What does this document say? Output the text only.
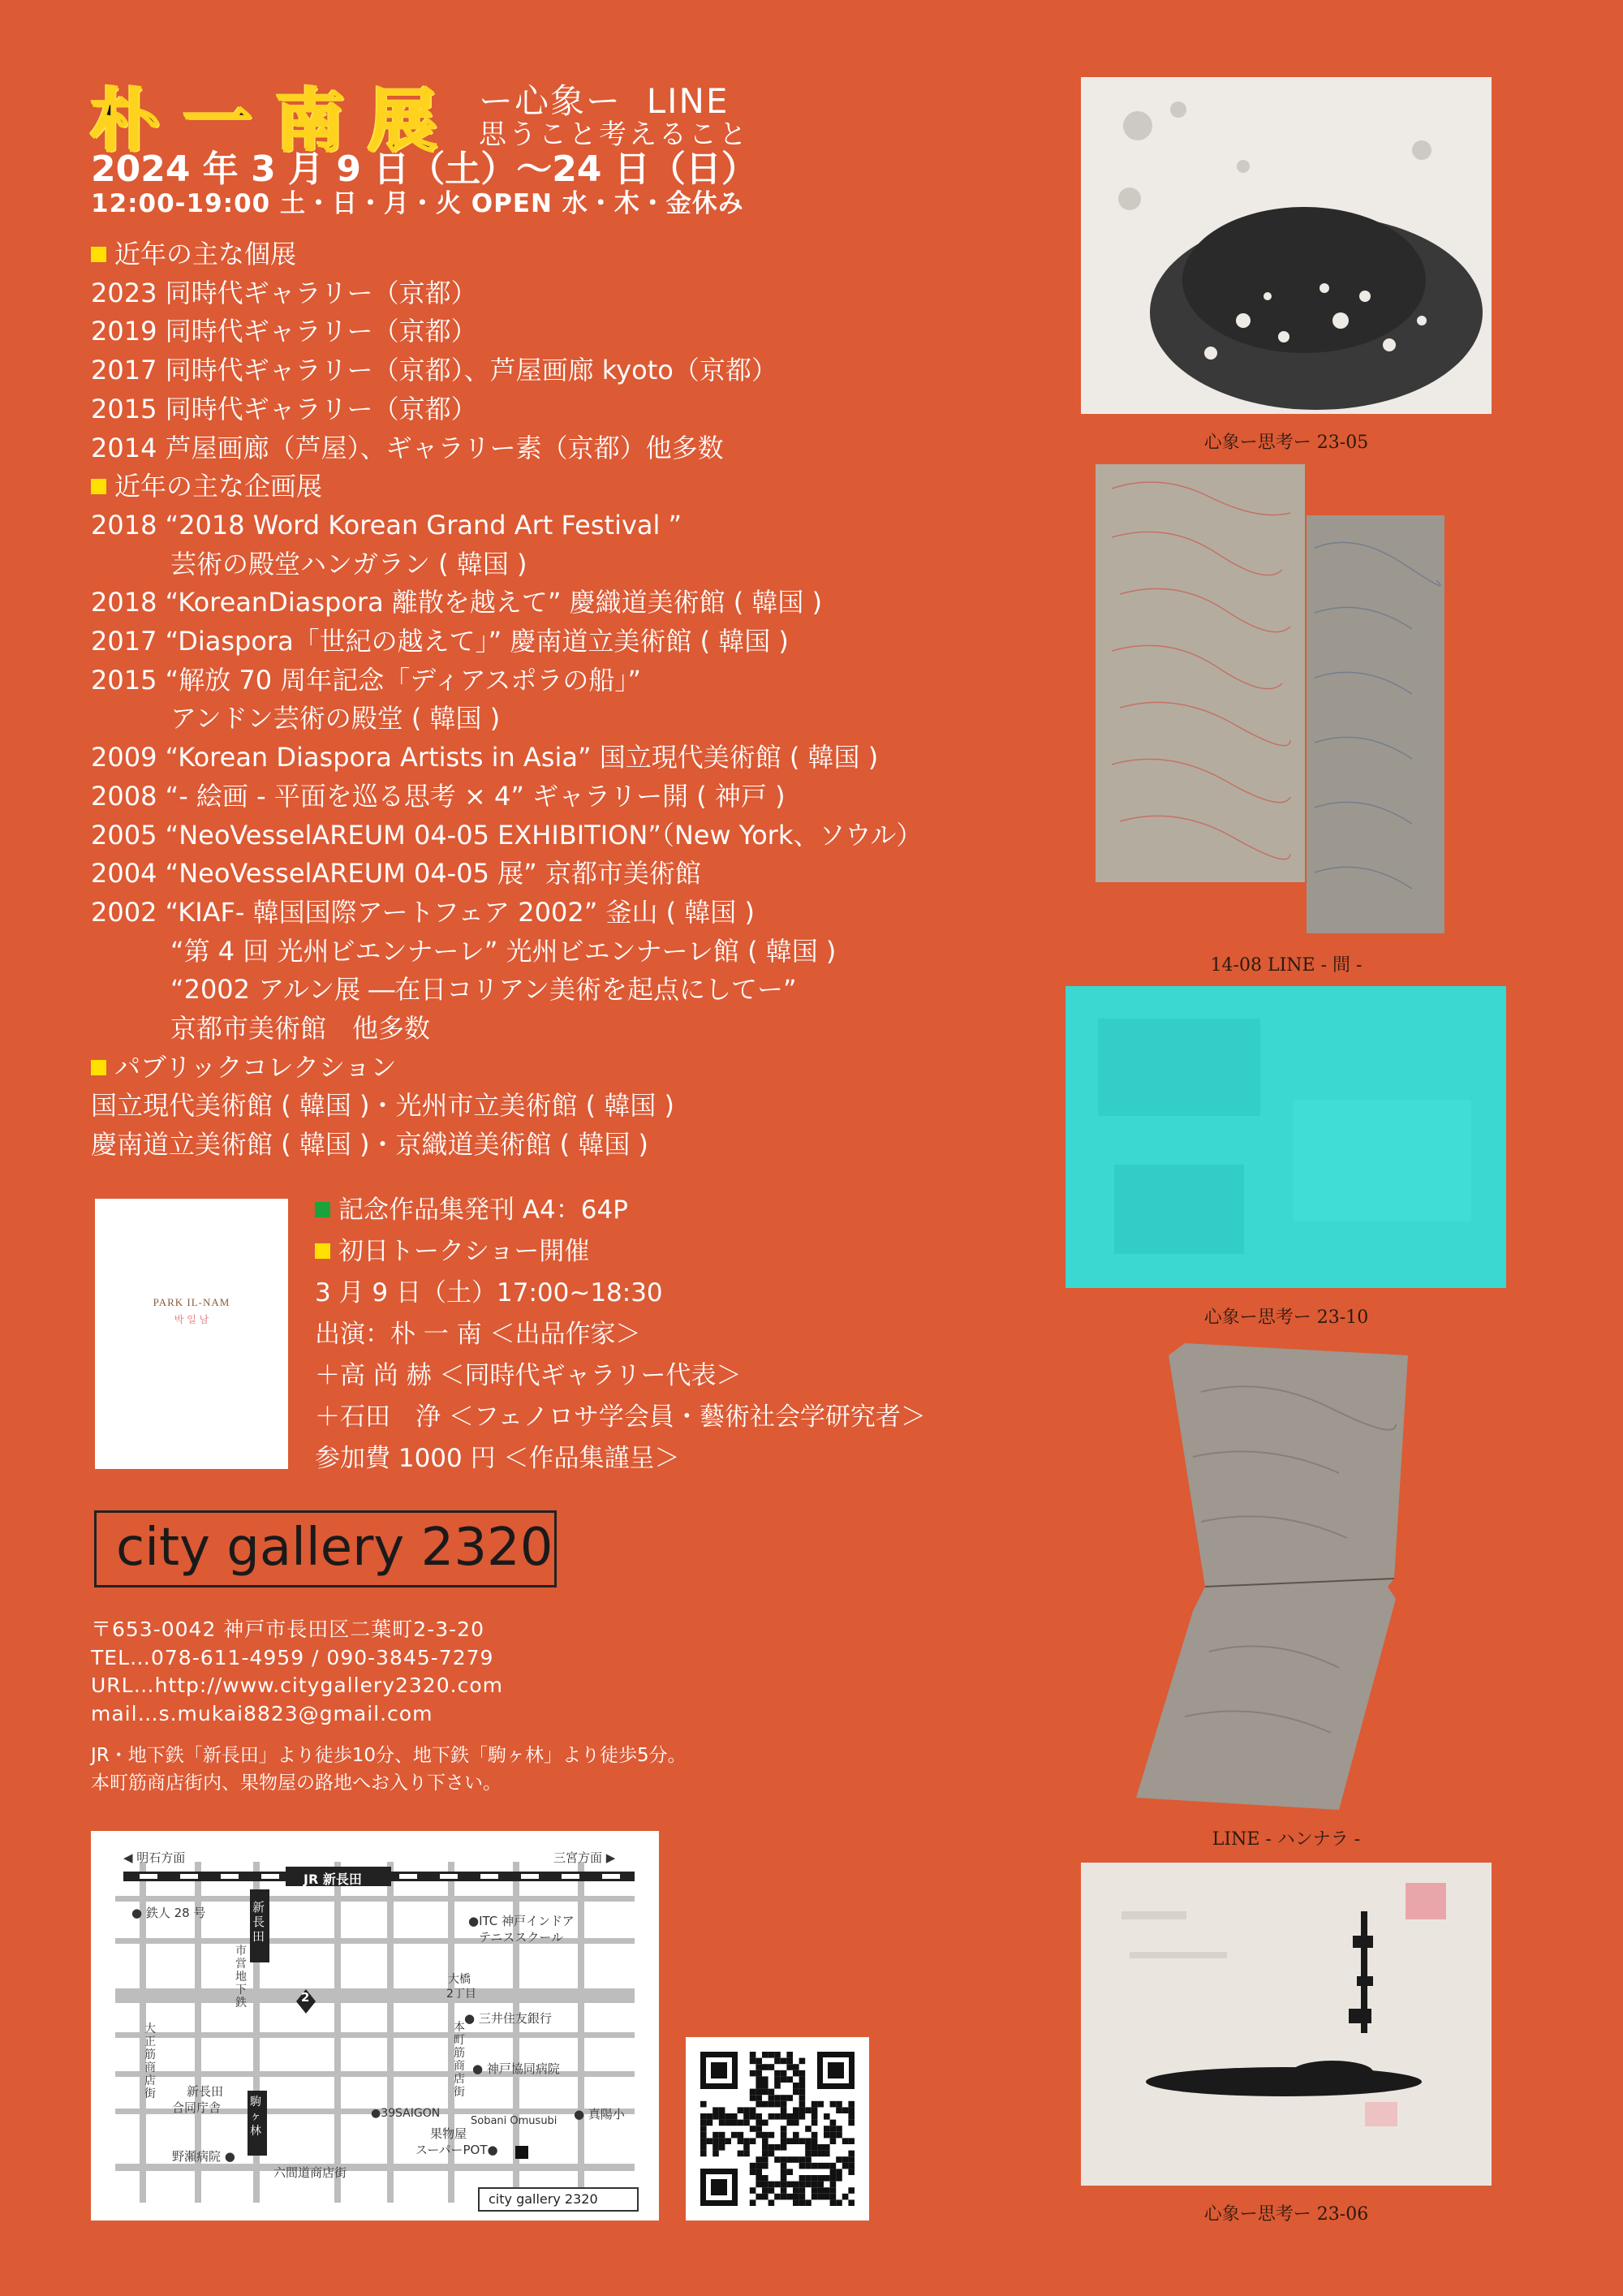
朴一南展 ー心象ー  LINE
思うこと考えること
2024 年 3 月 9 日（土）〜24 日（日）
12:00-19:00 土・日・月・火 OPEN 水・木・金休み
近年の主な個展
2023 同時代ギャラリー（京都）
2019 同時代ギャラリー（京都）
2017 同時代ギャラリー（京都）、芦屋画廊 kyoto（京都）
2015 同時代ギャラリー（京都）
2014 芦屋画廊（芦屋）、ギャラリー素（京都）他多数
近年の主な企画展
2018 “2018 Word Korean Grand Art Festival ”
芸術の殿堂ハンガラン ( 韓国 )
2018 “KoreanDiaspora 離散を越えて” 慶織道美術館 ( 韓国 )
2017 “Diaspora「世紀の越えて」” 慶南道立美術館 ( 韓国 )
2015 “解放 70 周年記念「ディアスポラの船」”
アンドン芸術の殿堂 ( 韓国 )
2009 “Korean Diaspora Artists in Asia” 国立現代美術館 ( 韓国 )
2008 “- 絵画 - 平面を巡る思考 × 4” ギャラリー開 ( 神戸 )
2005 “NeoVesselAREUM 04-05 EXHIBITION”（New York、ソウル）
2004 “NeoVesselAREUM 04-05 展” 京都市美術館
2002 “KIAF- 韓国国際アートフェア 2002” 釜山 ( 韓国 )
“第 4 回 光州ビエンナーレ” 光州ビエンナーレ館 ( 韓国 )
“2002 アルン展 ―在日コリアン美術を起点にしてー”
京都市美術館　他多数
パブリックコレクション
国立現代美術館 ( 韓国 )・光州市立美術館 ( 韓国 )
慶南道立美術館 ( 韓国 )・京織道美術館 ( 韓国 )
PARK IL-NAM
박 일 남
記念作品集発刊 A4：64P
初日トークショー開催
3 月 9 日（土）17:00~18:30
出演：朴 一 南 ＜出品作家＞
＋高 尚 赫 ＜同時代ギャラリー代表＞
＋石田　浄 ＜フェノロサ学会員・藝術社会学研究者＞
参加費 1000 円 ＜作品集謹呈＞
city gallery 2320
〒653-0042 神戸市長田区二葉町2-3-20
TEL…078-611-4959 / 090-3845-7279
URL…http://www.citygallery2320.com
mail…s.mukai8823@gmail.com
JR・地下鉄「新長田」より徒歩10分、地下鉄「駒ヶ林」より徒歩5分。
本町筋商店街内、果物屋の路地へお入り下さい。
◀ 明石方面	三宮方面 ▶
JR 新長田
● 鉄人 28 号	新長田
●ITC 神戸インドア
テニススクール
2
大橋
2丁目
● 三井住友銀行
市営地下鉄
大正筋商店街
本町筋商店街
● 神戸協同病院
新長田
合同庁舎	●39SAIGON
Sobani Omusubi ● 真陽小
果物屋
スーパーPOT●
野瀬病院 ●
駒ヶ林
六間道商店街
city gallery 2320
心象ー思考ー 23-05
14-08 LINE - 間 -
心象ー思考ー 23-10
LINE - ハンナラ -
心象ー思考ー 23-06
